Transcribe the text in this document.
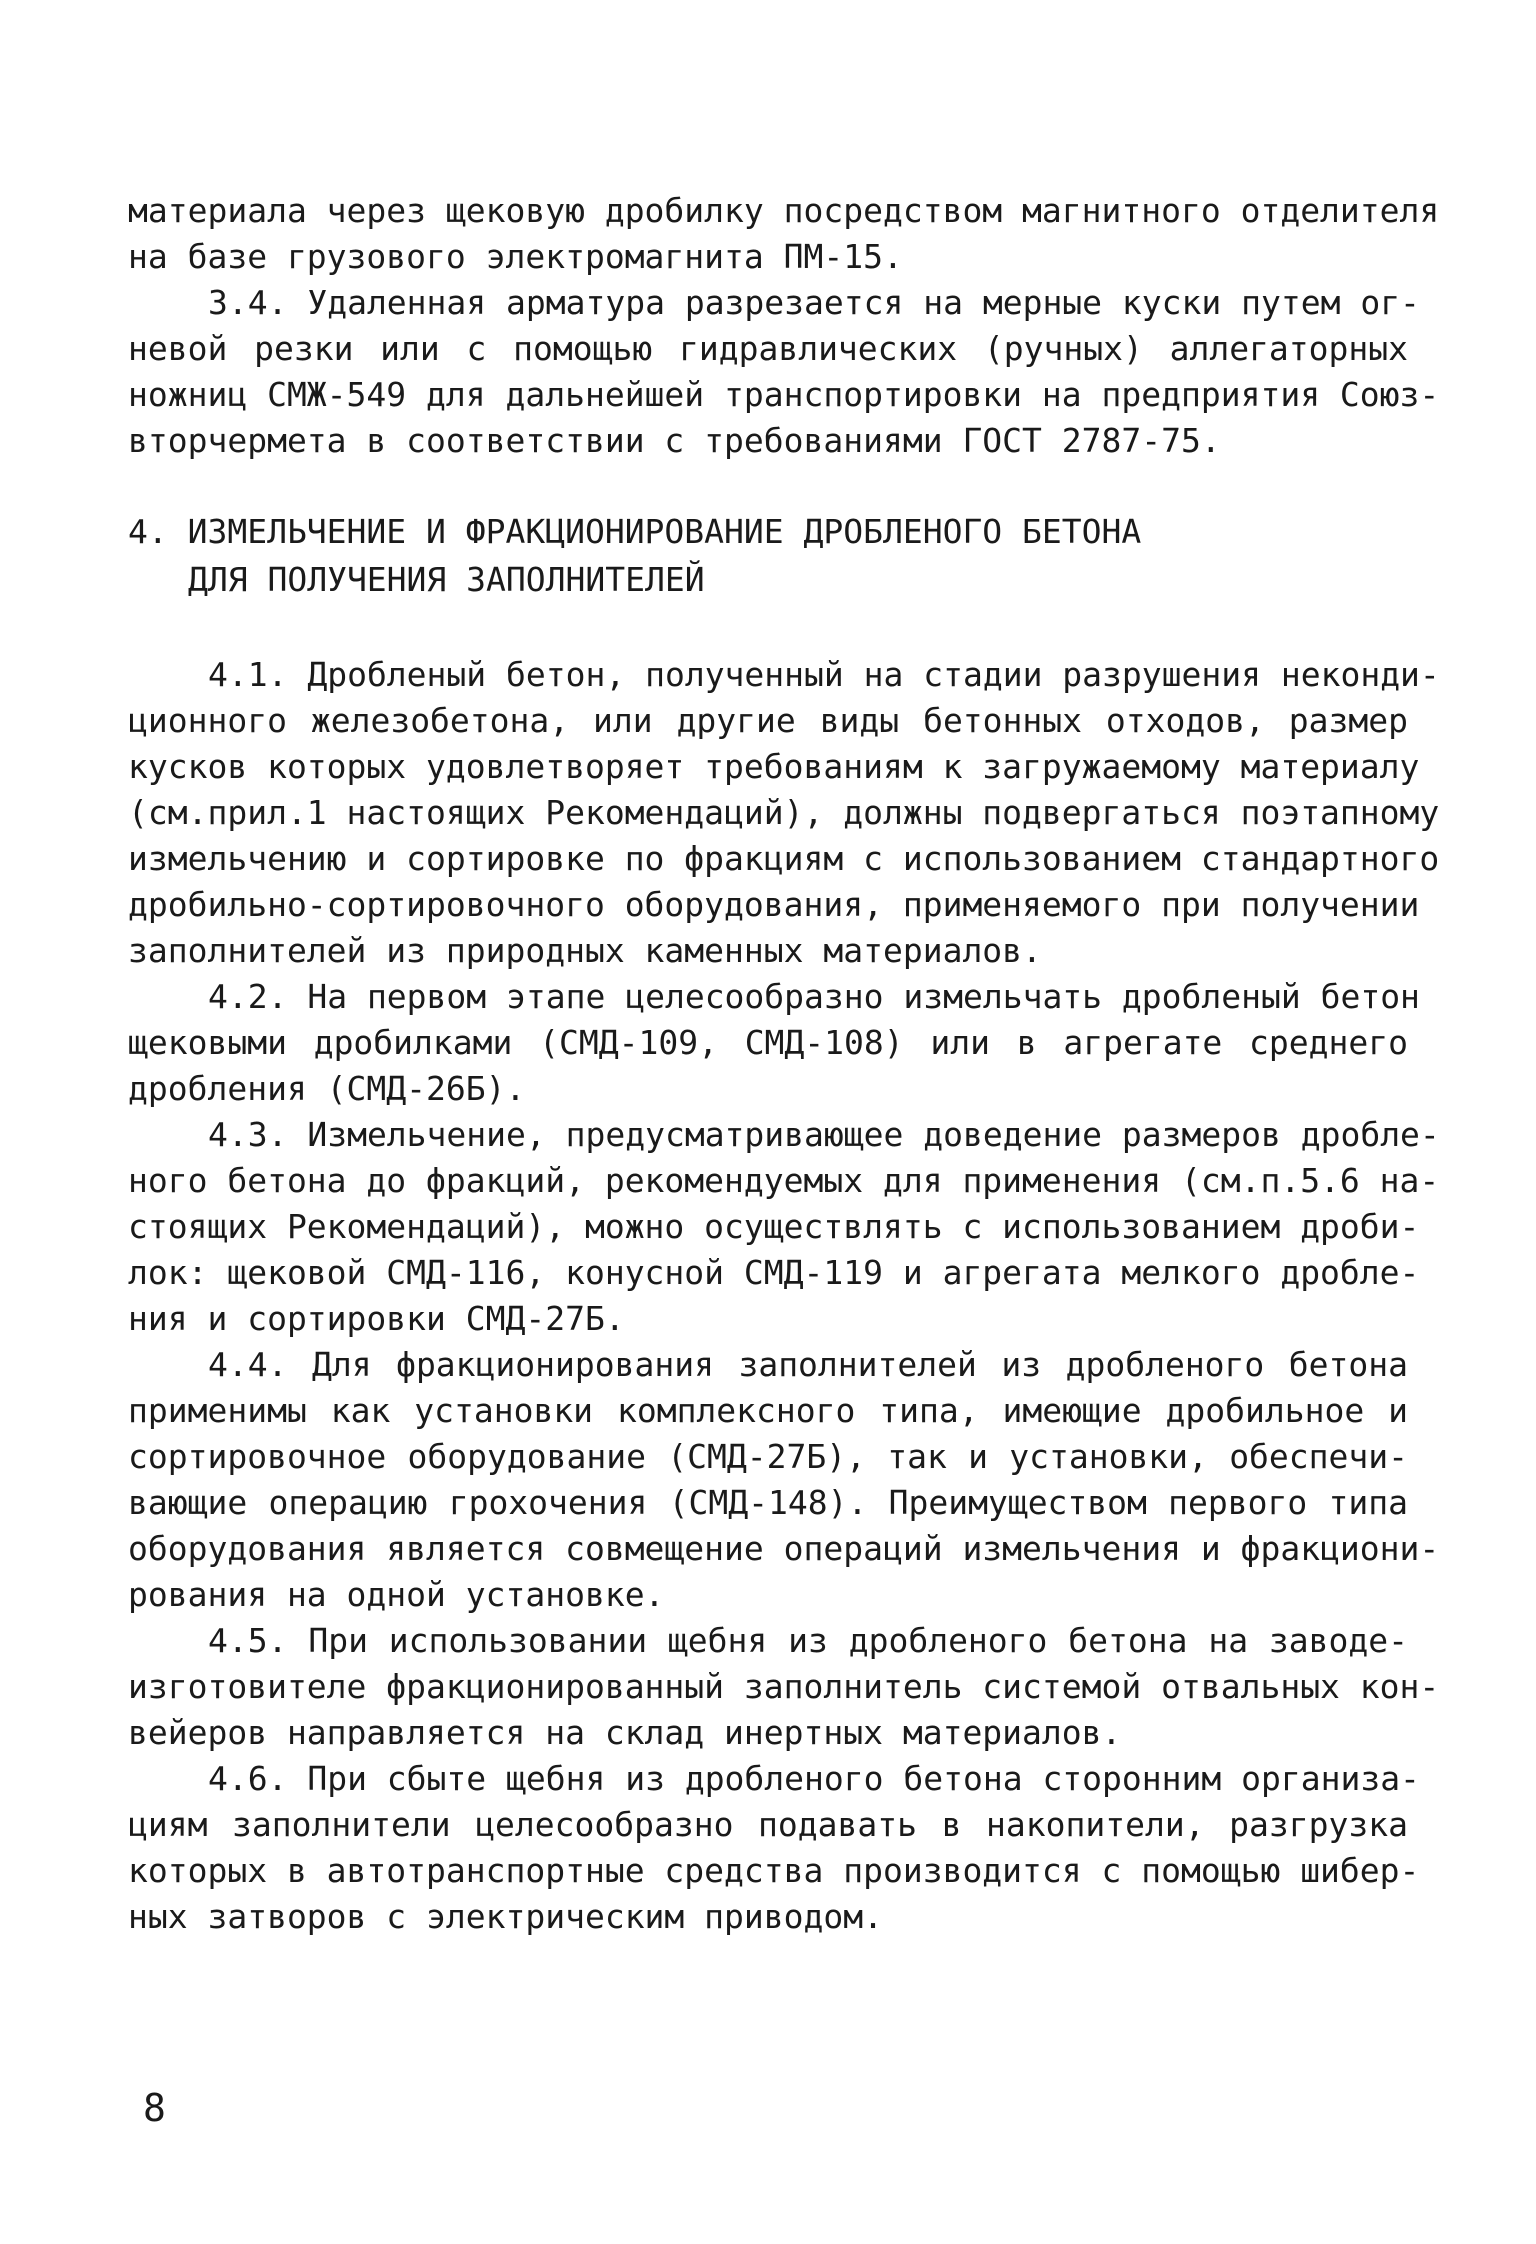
материала через щековую дробилку посредством магнитного отделителя
на базе грузового электромагнита ПМ-15.
3.4. Удаленная арматура разрезается на мерные куски путем ог-
невой резки или с помощью гидравлических (ручных) аллегаторных
ножниц СМЖ-549 для дальнейшей транспортировки на предприятия Союз-
вторчермета в соответствии с требованиями ГОСТ 2787-75.
4. ИЗМЕЛЬЧЕНИЕ И ФРАКЦИОНИРОВАНИЕ ДРОБЛЕНОГО БЕТОНА
ДЛЯ ПОЛУЧЕНИЯ ЗАПОЛНИТЕЛЕЙ
4.1. Дробленый бетон, полученный на стадии разрушения неконди-
ционного железобетона, или другие виды бетонных отходов, размер
кусков которых удовлетворяет требованиям к загружаемому материалу
(см.прил.1 настоящих Рекомендаций), должны подвергаться поэтапному
измельчению и сортировке по фракциям с использованием стандартного
дробильно-сортировочного оборудования, применяемого при получении
заполнителей из природных каменных материалов.
4.2. На первом этапе целесообразно измельчать дробленый бетон
щековыми дробилками (СМД-109, СМД-108) или в агрегате среднего
дробления (СМД-26Б).
4.3. Измельчение, предусматривающее доведение размеров дробле-
ного бетона до фракций, рекомендуемых для применения (см.п.5.6 на-
стоящих Рекомендаций), можно осуществлять с использованием дроби-
лок: щековой СМД-116, конусной СМД-119 и агрегата мелкого дробле-
ния и сортировки СМД-27Б.
4.4. Для фракционирования заполнителей из дробленого бетона
применимы как установки комплексного типа, имеющие дробильное и
сортировочное оборудование (СМД-27Б), так и установки, обеспечи-
вающие операцию грохочения (СМД-148). Преимуществом первого типа
оборудования является совмещение операций измельчения и фракциони-
рования на одной установке.
4.5. При использовании щебня из дробленого бетона на заводе-
изготовителе фракционированный заполнитель системой отвальных кон-
вейеров направляется на склад инертных материалов.
4.6. При сбыте щебня из дробленого бетона сторонним организа-
циям заполнители целесообразно подавать в накопители, разгрузка
которых в автотранспортные средства производится с помощью шибер-
ных затворов с электрическим приводом.
8
